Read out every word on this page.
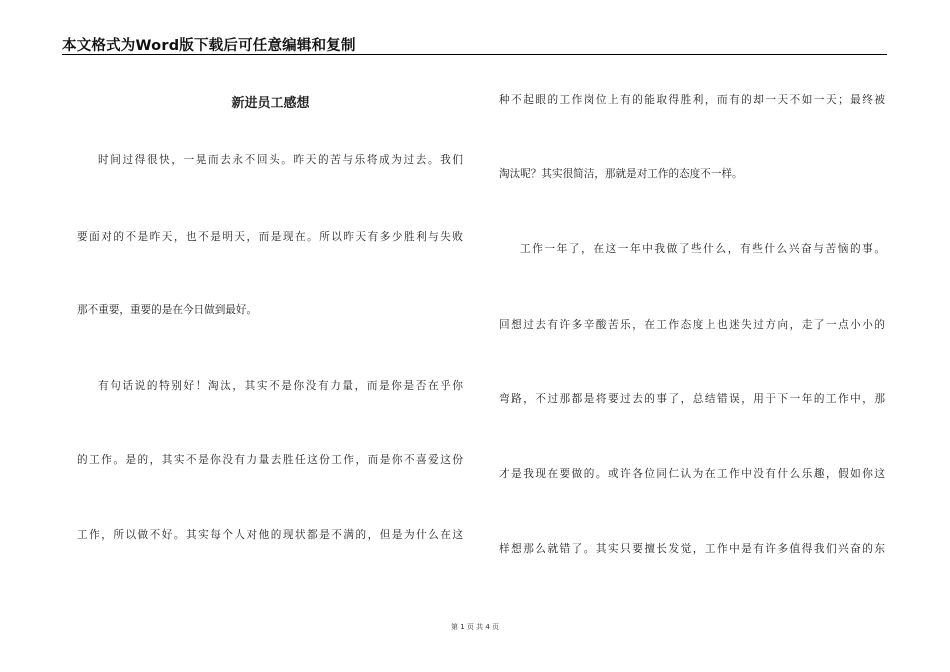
本文格式为Word版下载后可任意编辑和复制
新进员工感想
时间过得很快，一晃而去永不回头。昨天的苦与乐将成为过去。我们
要面对的不是昨天，也不是明天，而是现在。所以昨天有多少胜利与失败
那不重要，重要的是在今日做到最好。
有句话说的特别好！淘汰，其实不是你没有力量，而是你是否在乎你
的工作。是的，其实不是你没有力量去胜任这份工作，而是你不喜爱这份
工作，所以做不好。其实每个人对他的现状都是不满的，但是为什么在这
种不起眼的工作岗位上有的能取得胜利，而有的却一天不如一天；最终被
淘汰呢？其实很简洁，那就是对工作的态度不一样。
工作一年了，在这一年中我做了些什么，有些什么兴奋与苦恼的事。
回想过去有许多辛酸苦乐，在工作态度上也迷失过方向，走了一点小小的
弯路，不过那都是将要过去的事了，总结错误，用于下一年的工作中，那
才是我现在要做的。或许各位同仁认为在工作中没有什么乐趣，假如你这
样想那么就错了。其实只要擅长发觉，工作中是有许多值得我们兴奋的东
第 1 页 共 4 页
